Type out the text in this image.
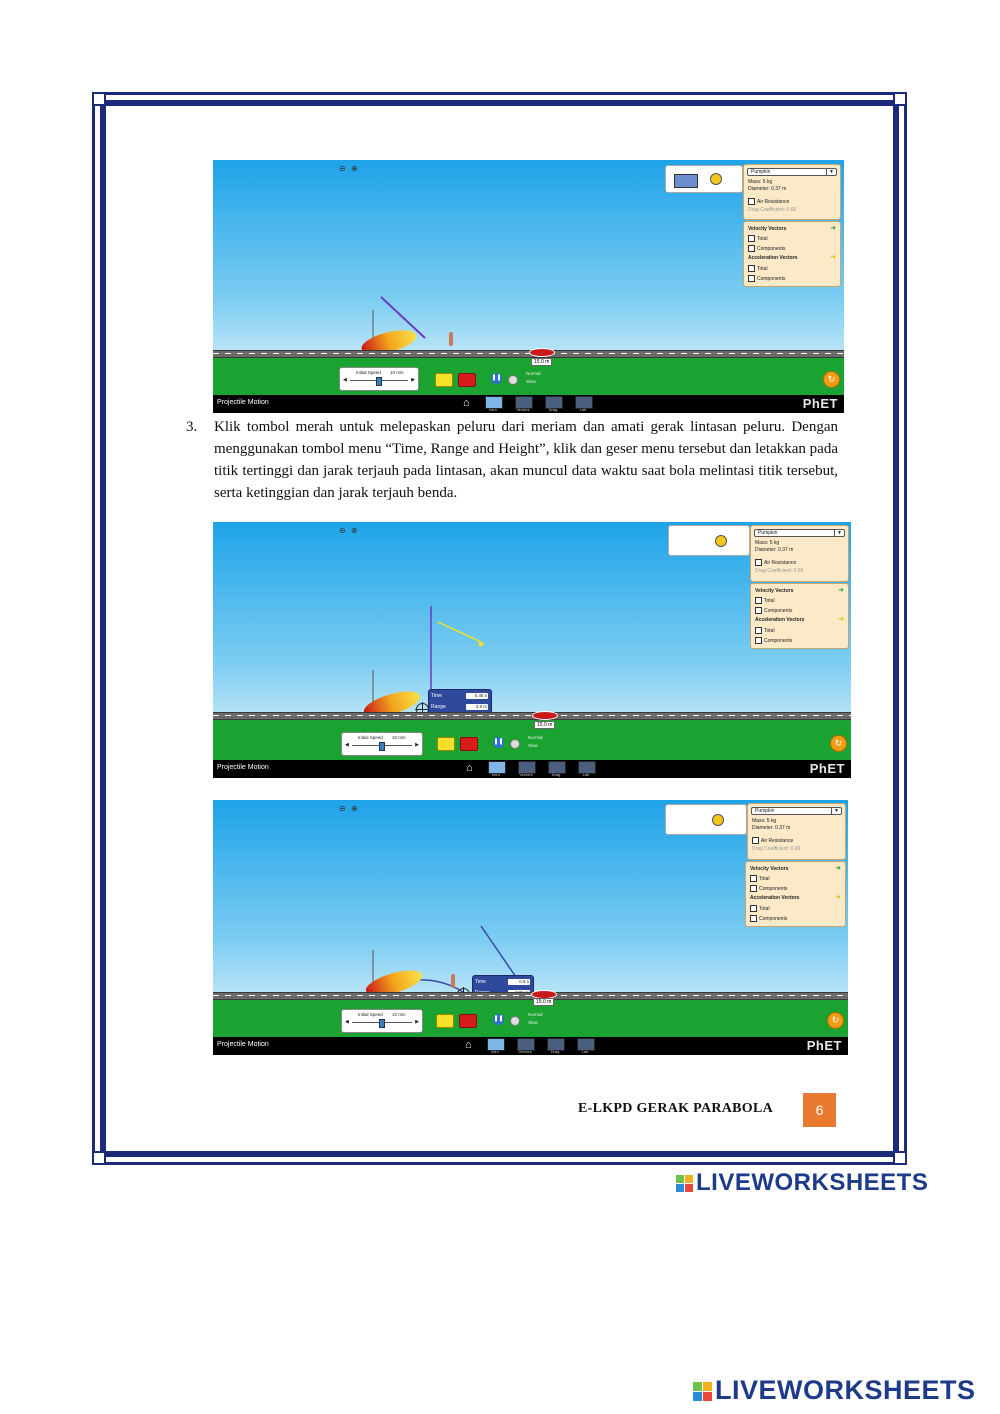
⊖ ⊕	Pumpkin	▼
Mass: 5 kg
Diameter: 0.37 m
Air Resistance
Drag Coefficient: 0.60
Velocity Vectors	➜
Total
Components
Acceleration Vectors	➜
Total
Components
15.0 m
Initial Speed 10 m/s
◀	▶	❚❚
Normal
Slow	↻
Projectile Motion	⌂
Intro	Vectors	Drag	Lab	PhET
3. Klik tombol merah untuk melepaskan peluru dari meriam dan amati gerak lintasan peluru. Dengan menggunakan tombol menu “Time, Range and Height”, klik dan geser menu tersebut dan letakkan pada titik tertinggi dan jarak terjauh pada lintasan, akan muncul data waktu saat bola melintasi titik tersebut, serta ketinggian dan jarak terjauh benda.
⊖ ⊕	Pumpkin	▼
Mass: 5 kg
Diameter: 0.37 m
Air Resistance
Drag Coefficient: 0.60
Velocity Vectors	➜
Total
Components
Acceleration Vectors	➜
Total
Components
Time	0.45 s
Range	3.9 m
15.0 m
Initial Speed 10 m/s
◀	▶	❚❚
Normal
Slow	↻
Projectile Motion	⌂
Intro	Vectors	Drag	Lab	PhET
⊖ ⊕	Pumpkin	▼
Mass: 5 kg
Diameter: 0.37 m
Air Resistance
Drag Coefficient: 0.60
Velocity Vectors	➜
Total
Components
Acceleration Vectors	➜
Total
Components
Time	0.9 s
15.0 m
Initial Speed 10 m/s
◀	▶	❚❚
Normal
Slow	↻
Projectile Motion	⌂
Intro	Vectors	Drag	Lab	PhET
E-LKPD GERAK PARABOLA	6
LIVEWORKSHEETS
LIVEWORKSHEETS
